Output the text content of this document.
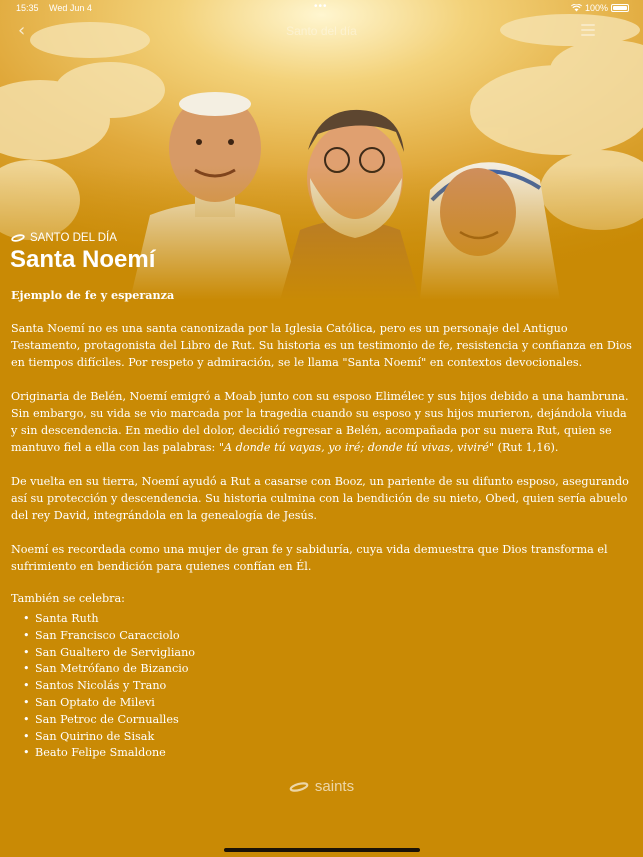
15:35 Wed Jun 4	•••	100%
‹	Santo del día
SANTO DEL DÍA
Santa Noemí

Ejemplo de fe y esperanza

Santa Noemí no es una santa canonizada por la Iglesia Católica, pero es un personaje del Antiguo Testamento, protagonista del Libro de Rut. Su historia es un testimonio de fe, resistencia y confianza en Dios en tiempos difíciles. Por respeto y admiración, se le llama "Santa Noemí" en contextos devocionales.

Originaria de Belén, Noemí emigró a Moab junto con su esposo Elimélec y sus hijos debido a una hambruna. Sin embargo, su vida se vio marcada por la tragedia cuando su esposo y sus hijos murieron, dejándola viuda y sin descendencia. En medio del dolor, decidió regresar a Belén, acompañada por su nuera Rut, quien se mantuvo fiel a ella con las palabras: "A donde tú vayas, yo iré; donde tú vivas, viviré" (Rut 1,16).

De vuelta en su tierra, Noemí ayudó a Rut a casarse con Booz, un pariente de su difunto esposo, asegurando así su protección y descendencia. Su historia culmina con la bendición de su nieto, Obed, quien sería abuelo del rey David, integrándola en la genealogía de Jesús.

Noemí es recordada como una mujer de gran fe y sabiduría, cuya vida demuestra que Dios transforma el sufrimiento en bendición para quienes confían en Él.

También se celebra:

• Santa Ruth
• San Francisco Caracciolo
• San Gualtero de Servigliano
• San Metrófano de Bizancio
• Santos Nicolás y Trano
• San Optato de Milevi
• San Petroc de Cornualles
• San Quirino de Sisak
• Beato Felipe Smaldone
saints
